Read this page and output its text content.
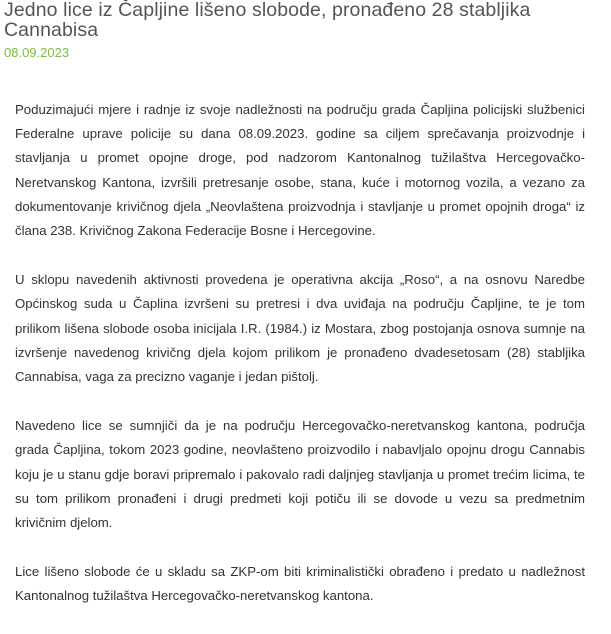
Jedno lice iz Čapljine lišeno slobode, pronađeno 28 stabljika Cannabisa
08.09.2023

Poduzimajući mjere i radnje iz svoje nadležnosti na području grada Čapljina policijski službenici Federalne uprave policije su dana 08.09.2023. godine sa ciljem sprečavanja proizvodnje i stavljanja u promet opojne droge, pod nadzorom Kantonalnog tužilaštva Hercegovačko-Neretvanskog Kantona, izvršili pretresanje osobe, stana, kuće i motornog vozila, a vezano za dokumentovanje krivičnog djela „Neovlaštena proizvodnja i stavljanje u promet opojnih droga“ iz člana 238. Krivičnog Zakona Federacije Bosne i Hercegovine.

U sklopu navedenih aktivnosti provedena je operativna akcija „Roso“, a na osnovu Naredbe Općinskog suda u Čaplina izvršeni su pretresi i dva uviđaja na području Čapljine, te je tom prilikom lišena slobode osoba inicijala I.R. (1984.) iz Mostara, zbog postojanja osnova sumnje na izvršenje navedenog krivičng djela kojom prilikom je pronađeno dvadesetosam (28) stabljika Cannabisa, vaga za precizno vaganje i jedan pištolj.

Navedeno lice se sumnjiči da je na području Hercegovačko-neretvanskog kantona, područja grada Čapljina, tokom 2023 godine, neovlašteno proizvodilo i nabavljalo opojnu drogu Cannabis koju je u stanu gdje boravi pripremalo i pakovalo radi daljnjeg stavljanja u promet trećim licima, te su tom prilikom pronađeni i drugi predmeti koji potiču ili se dovode u vezu sa predmetnim krivičnim djelom.

Lice lišeno slobode će u skladu sa ZKP-om biti kriminalistički obrađeno i predato u nadležnost Kantonalnog tužilaštva Hercegovačko-neretvanskog kantona.
